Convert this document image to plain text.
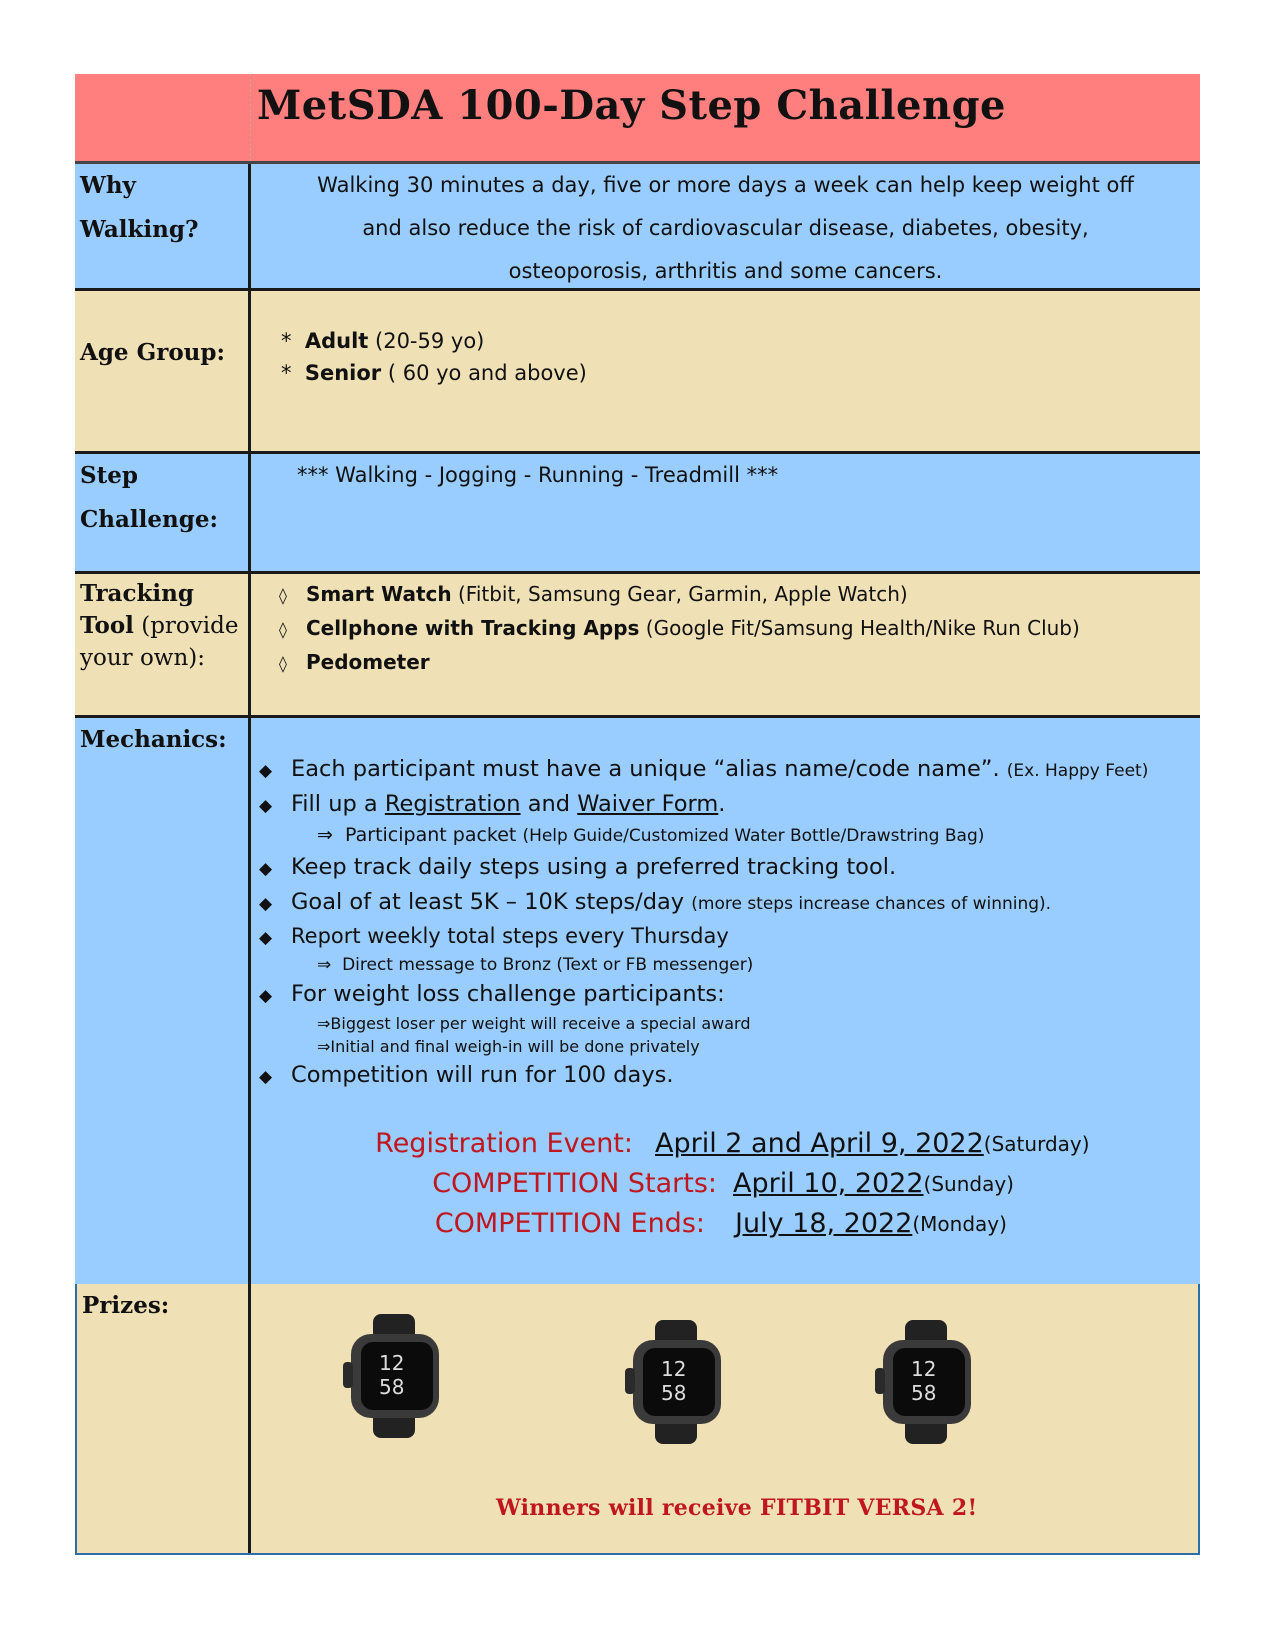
MetSDA 100-Day Step Challenge
Why
Walking?
Walking 30 minutes a day, five or more days a week can help keep weight off
and also reduce the risk of cardiovascular disease, diabetes, obesity,
osteoporosis, arthritis and some cancers.
Age Group:	*  Adult (20-59 yo)
*  Senior ( 60 yo and above)
Step
Challenge:
*** Walking - Jogging - Running - Treadmill ***
Tracking
Tool (provide
your own):
◊ Smart Watch (Fitbit, Samsung Gear, Garmin, Apple Watch)
◊ Cellphone with Tracking Apps (Google Fit/Samsung Health/Nike Run Club)
◊ Pedometer
Mechanics:
◆ Each participant must have a unique “alias name/code name”. (Ex. Happy Feet)
◆ Fill up a Registration and Waiver Form.
⇒ Participant packet (Help Guide/Customized Water Bottle/Drawstring Bag)
◆ Keep track daily steps using a preferred tracking tool.
◆ Goal of at least 5K – 10K steps/day (more steps increase chances of winning).
◆ Report weekly total steps every Thursday
⇒ Direct message to Bronz (Text or FB messenger)
◆ For weight loss challenge participants:
⇒Biggest loser per weight will receive a special award
⇒Initial and final weigh-in will be done privately
◆ Competition will run for 100 days.
Registration Event: April 2 and April 9, 2022 (Saturday)
COMPETITION Starts: April 10, 2022 (Sunday)
COMPETITION Ends: July 18, 2022 (Monday)
Prizes:
12
58
12
58
12
58
Winners will receive FITBIT VERSA 2!
